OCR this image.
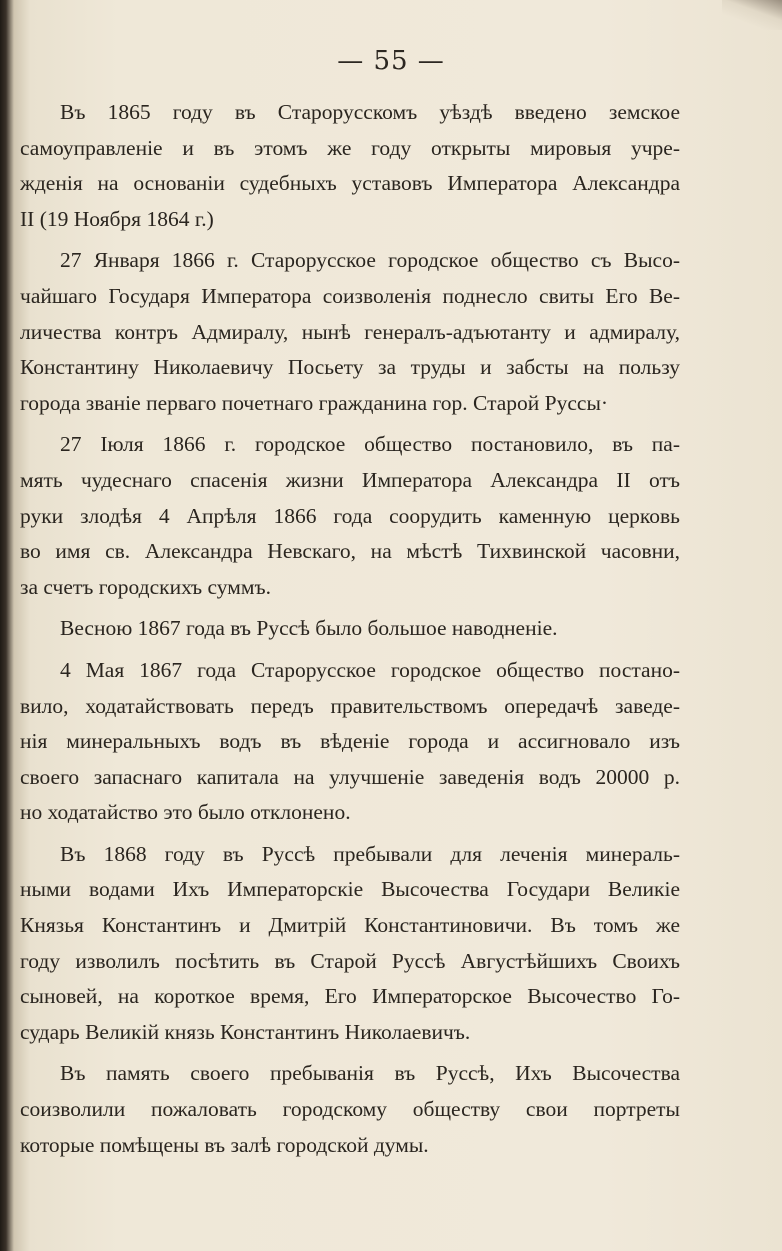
— 55 —
Въ 1865 году въ Старорусскомъ уѣздѣ введено земское
самоуправленіе и въ этомъ же году открыты мировыя учре-
жденія на основаніи судебныхъ уставовъ Императора Александра
II (19 Ноября 1864 г.)
27 Января 1866 г. Старорусское городское общество съ Высо-
чайшаго Государя Императора соизволенія поднесло свиты Его Ве-
личества контръ Адмиралу, нынѣ генералъ-адъютанту и адмиралу,
Константину Николаевичу Посьету за труды и забсты на пользу
города званіе перваго почетнаго гражданина гор. Старой Руссы·
27 Іюля 1866 г. городское общество постановило, въ па-
мять чудеснаго спасенія жизни Императора Александра II отъ
руки злодѣя 4 Апрѣля 1866 года соорудить каменную церковь
во имя св. Александра Невскаго, на мѣстѣ Тихвинской часовни,
за счетъ городскихъ суммъ.
Весною 1867 года въ Руссѣ было большое наводненіе.
4 Мая 1867 года Старорусское городское общество постано-
вило, ходатайствовать передъ правительствомъ опередачѣ заведе-
нія минеральныхъ водъ въ вѣденіе города и ассигновало изъ
своего запаснаго капитала на улучшеніе заведенія водъ 20000 р.
но ходатайство это было отклонено.
Въ 1868 году въ Руссѣ пребывали для леченія минераль-
ными водами Ихъ Императорскіе Высочества Государи Великіе
Князья Константинъ и Дмитрій Константиновичи. Въ томъ же
году изволилъ посѣтить въ Старой Руссѣ Августѣйшихъ Своихъ
сыновей, на короткое время, Его Императорское Высочество Го-
сударь Великій князь Константинъ Николаевичъ.
Въ память своего пребыванія въ Руссѣ, Ихъ Высочества
соизволили пожаловать городскому обществу свои портреты
которые помѣщены въ залѣ городской думы.
